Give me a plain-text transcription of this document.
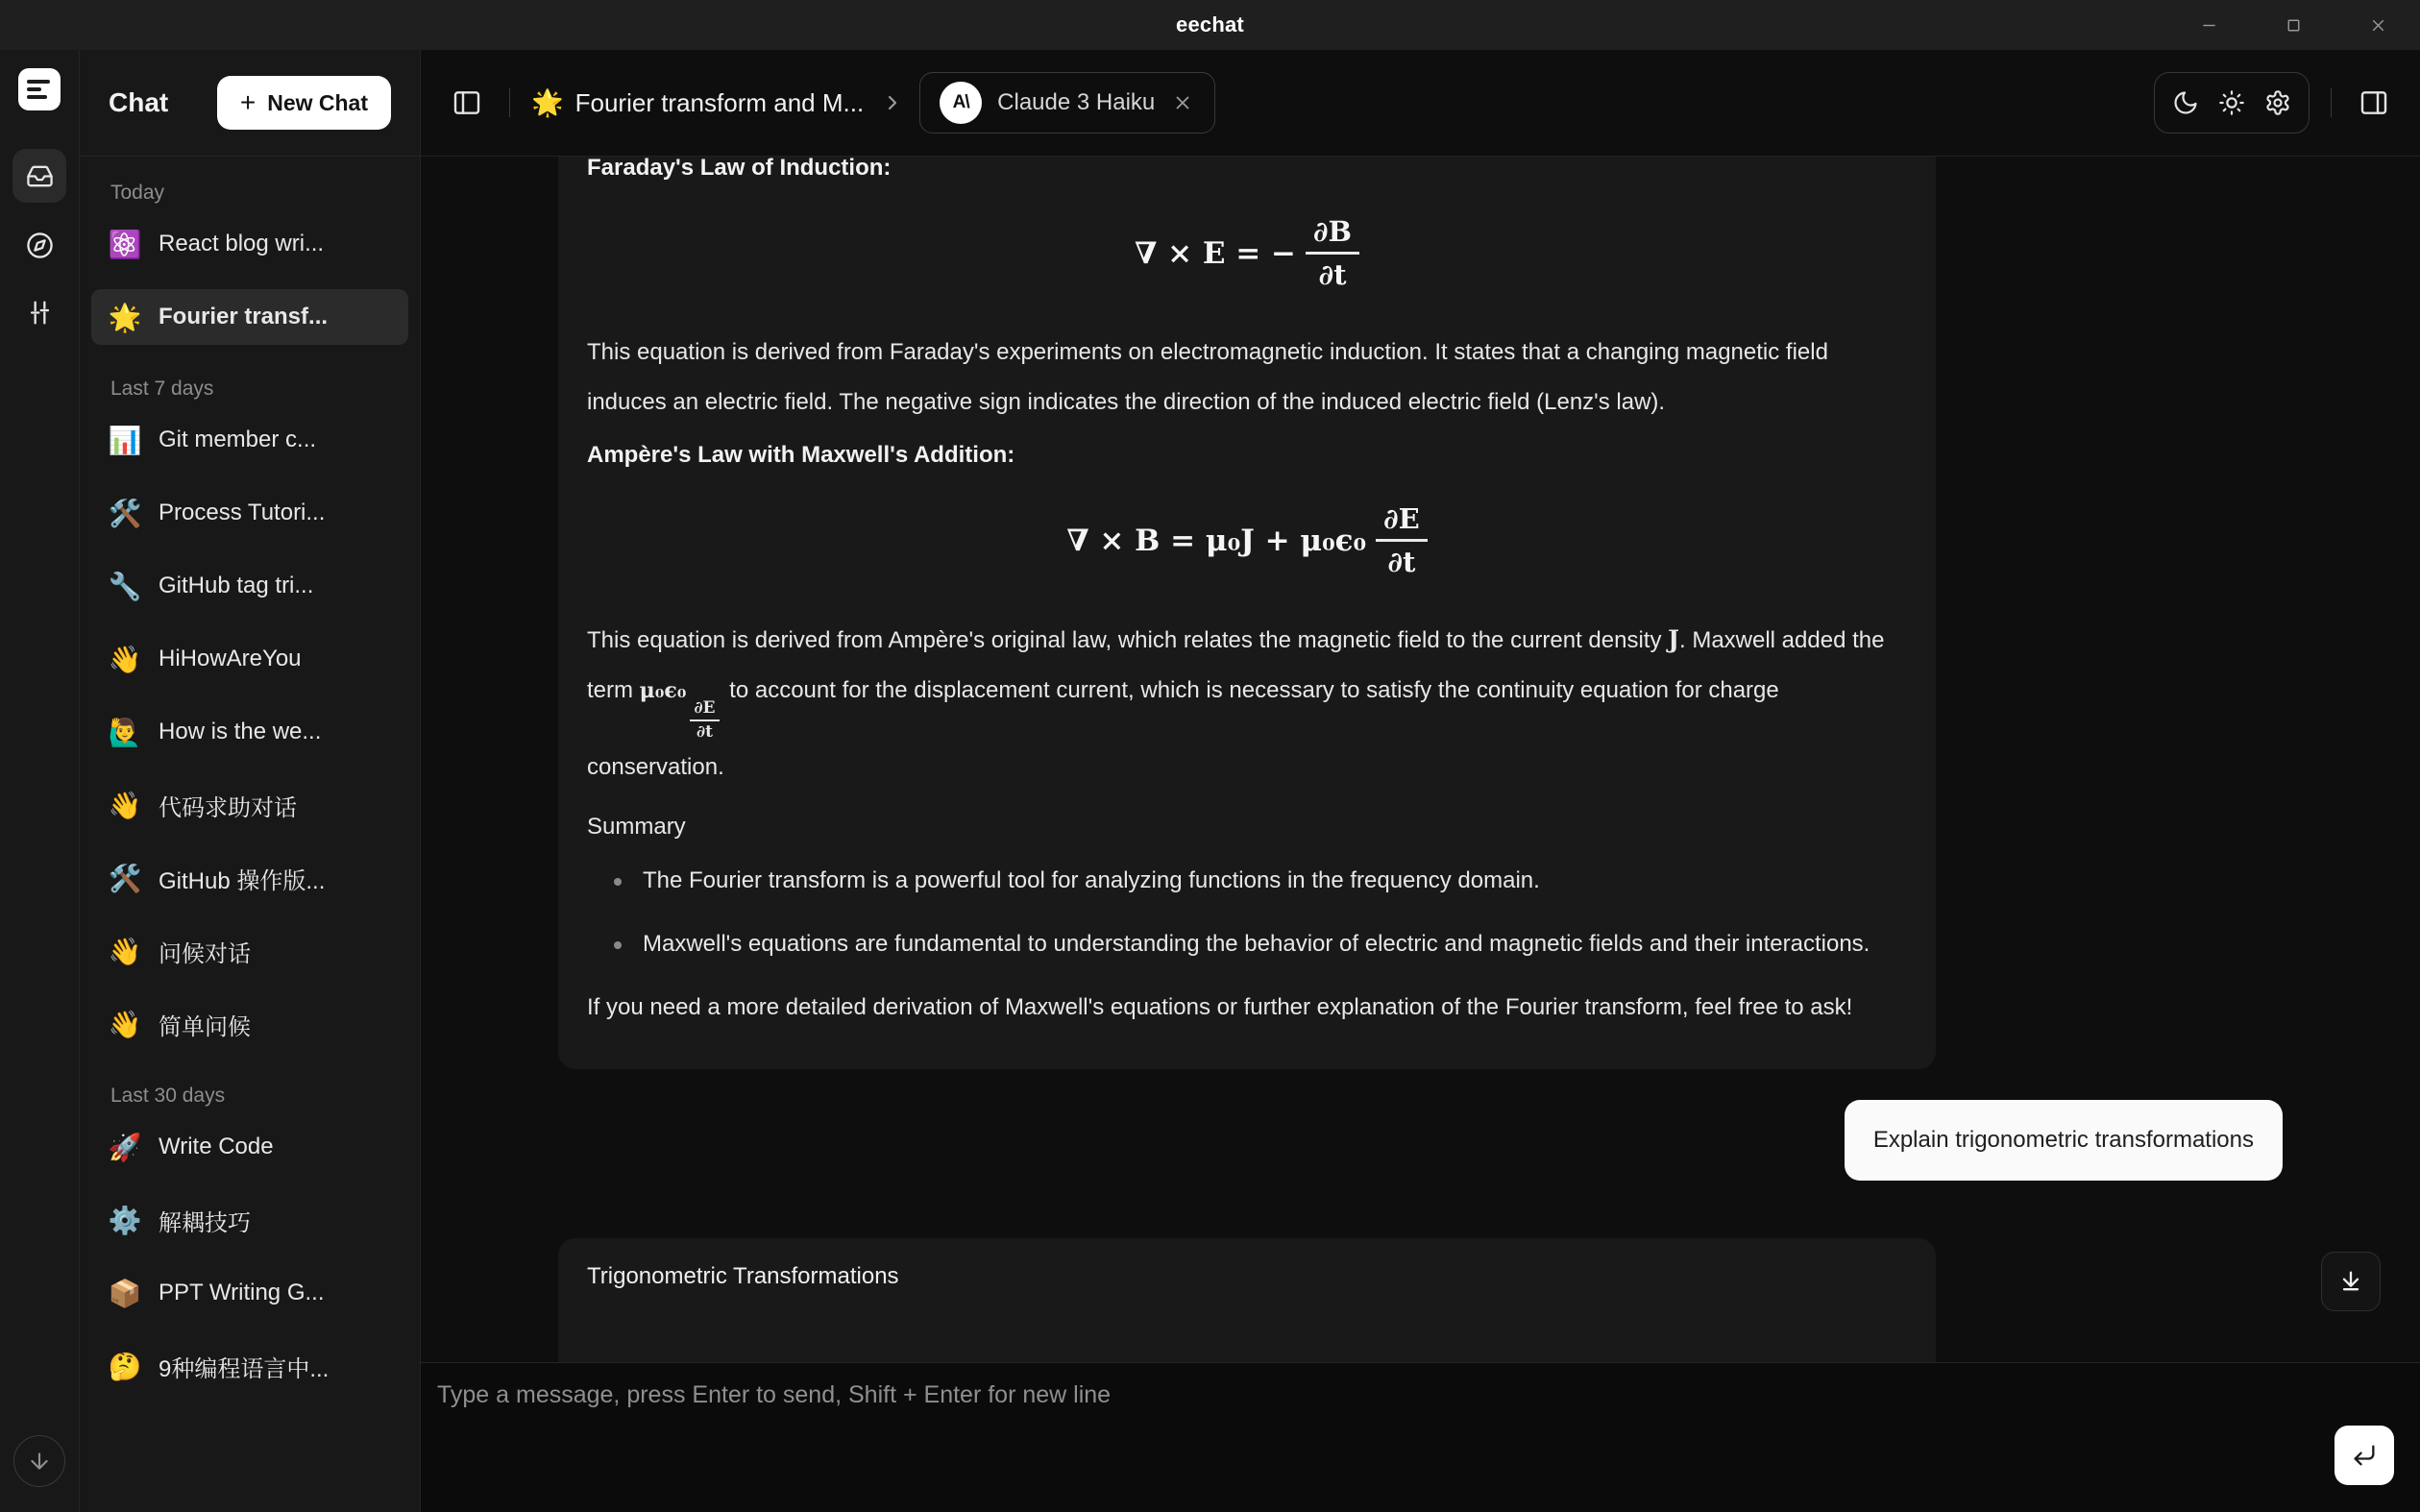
eechat
Chat	+ New Chat
Today
⚛️ React blog wri...
🌟 Fourier transf...
Last 7 days
📊 Git member c...
🛠️ Process Tutori...
🔧 GitHub tag tri...
👋 HiHowAreYou
🙋‍♂️ How is the we...
👋 代码求助对话
🛠️ GitHub 操作版...
👋 问候对话
👋 简单问候
Last 30 days
🚀 Write Code
⚙️ 解耦技巧
📦 PPT Writing G...
🤔 9种编程语言中...
🌟 Fourier transform and M...	A\	Claude 3 Haiku
Faraday's Law of Induction:
∇ × E = − $\frac{\partial B}{\partial t}$

This equation is derived from Faraday's experiments on electromagnetic induction. It states that a changing magnetic field induces an electric field. The negative sign indicates the direction of the induced electric field (Lenz's law).

Ampère's Law with Maxwell's Addition:
∇ × $B = \mu_0J + \mu_0\epsilon_0 \frac{\partial E}{\partial t}$

This equation is derived from Ampère's original law, which relates the magnetic field to the current density J. Maxwell added the term μ₀ϵ₀
$\frac{\partial E}{\partial t}$
to account for the displacement current, which is necessary to satisfy the continuity equation for charge conservation.

Summary
The Fourier transform is a powerful tool for analyzing functions in the frequency domain.
Maxwell's equations are fundamental to understanding the behavior of electric and magnetic fields and their interactions.

If you need a more detailed derivation of Maxwell's equations or further explanation of the Fourier transform, feel free to ask!

Explain trigonometric transformations
Trigonometric Transformations
Type a message, press Enter to send, Shift + Enter for new line
